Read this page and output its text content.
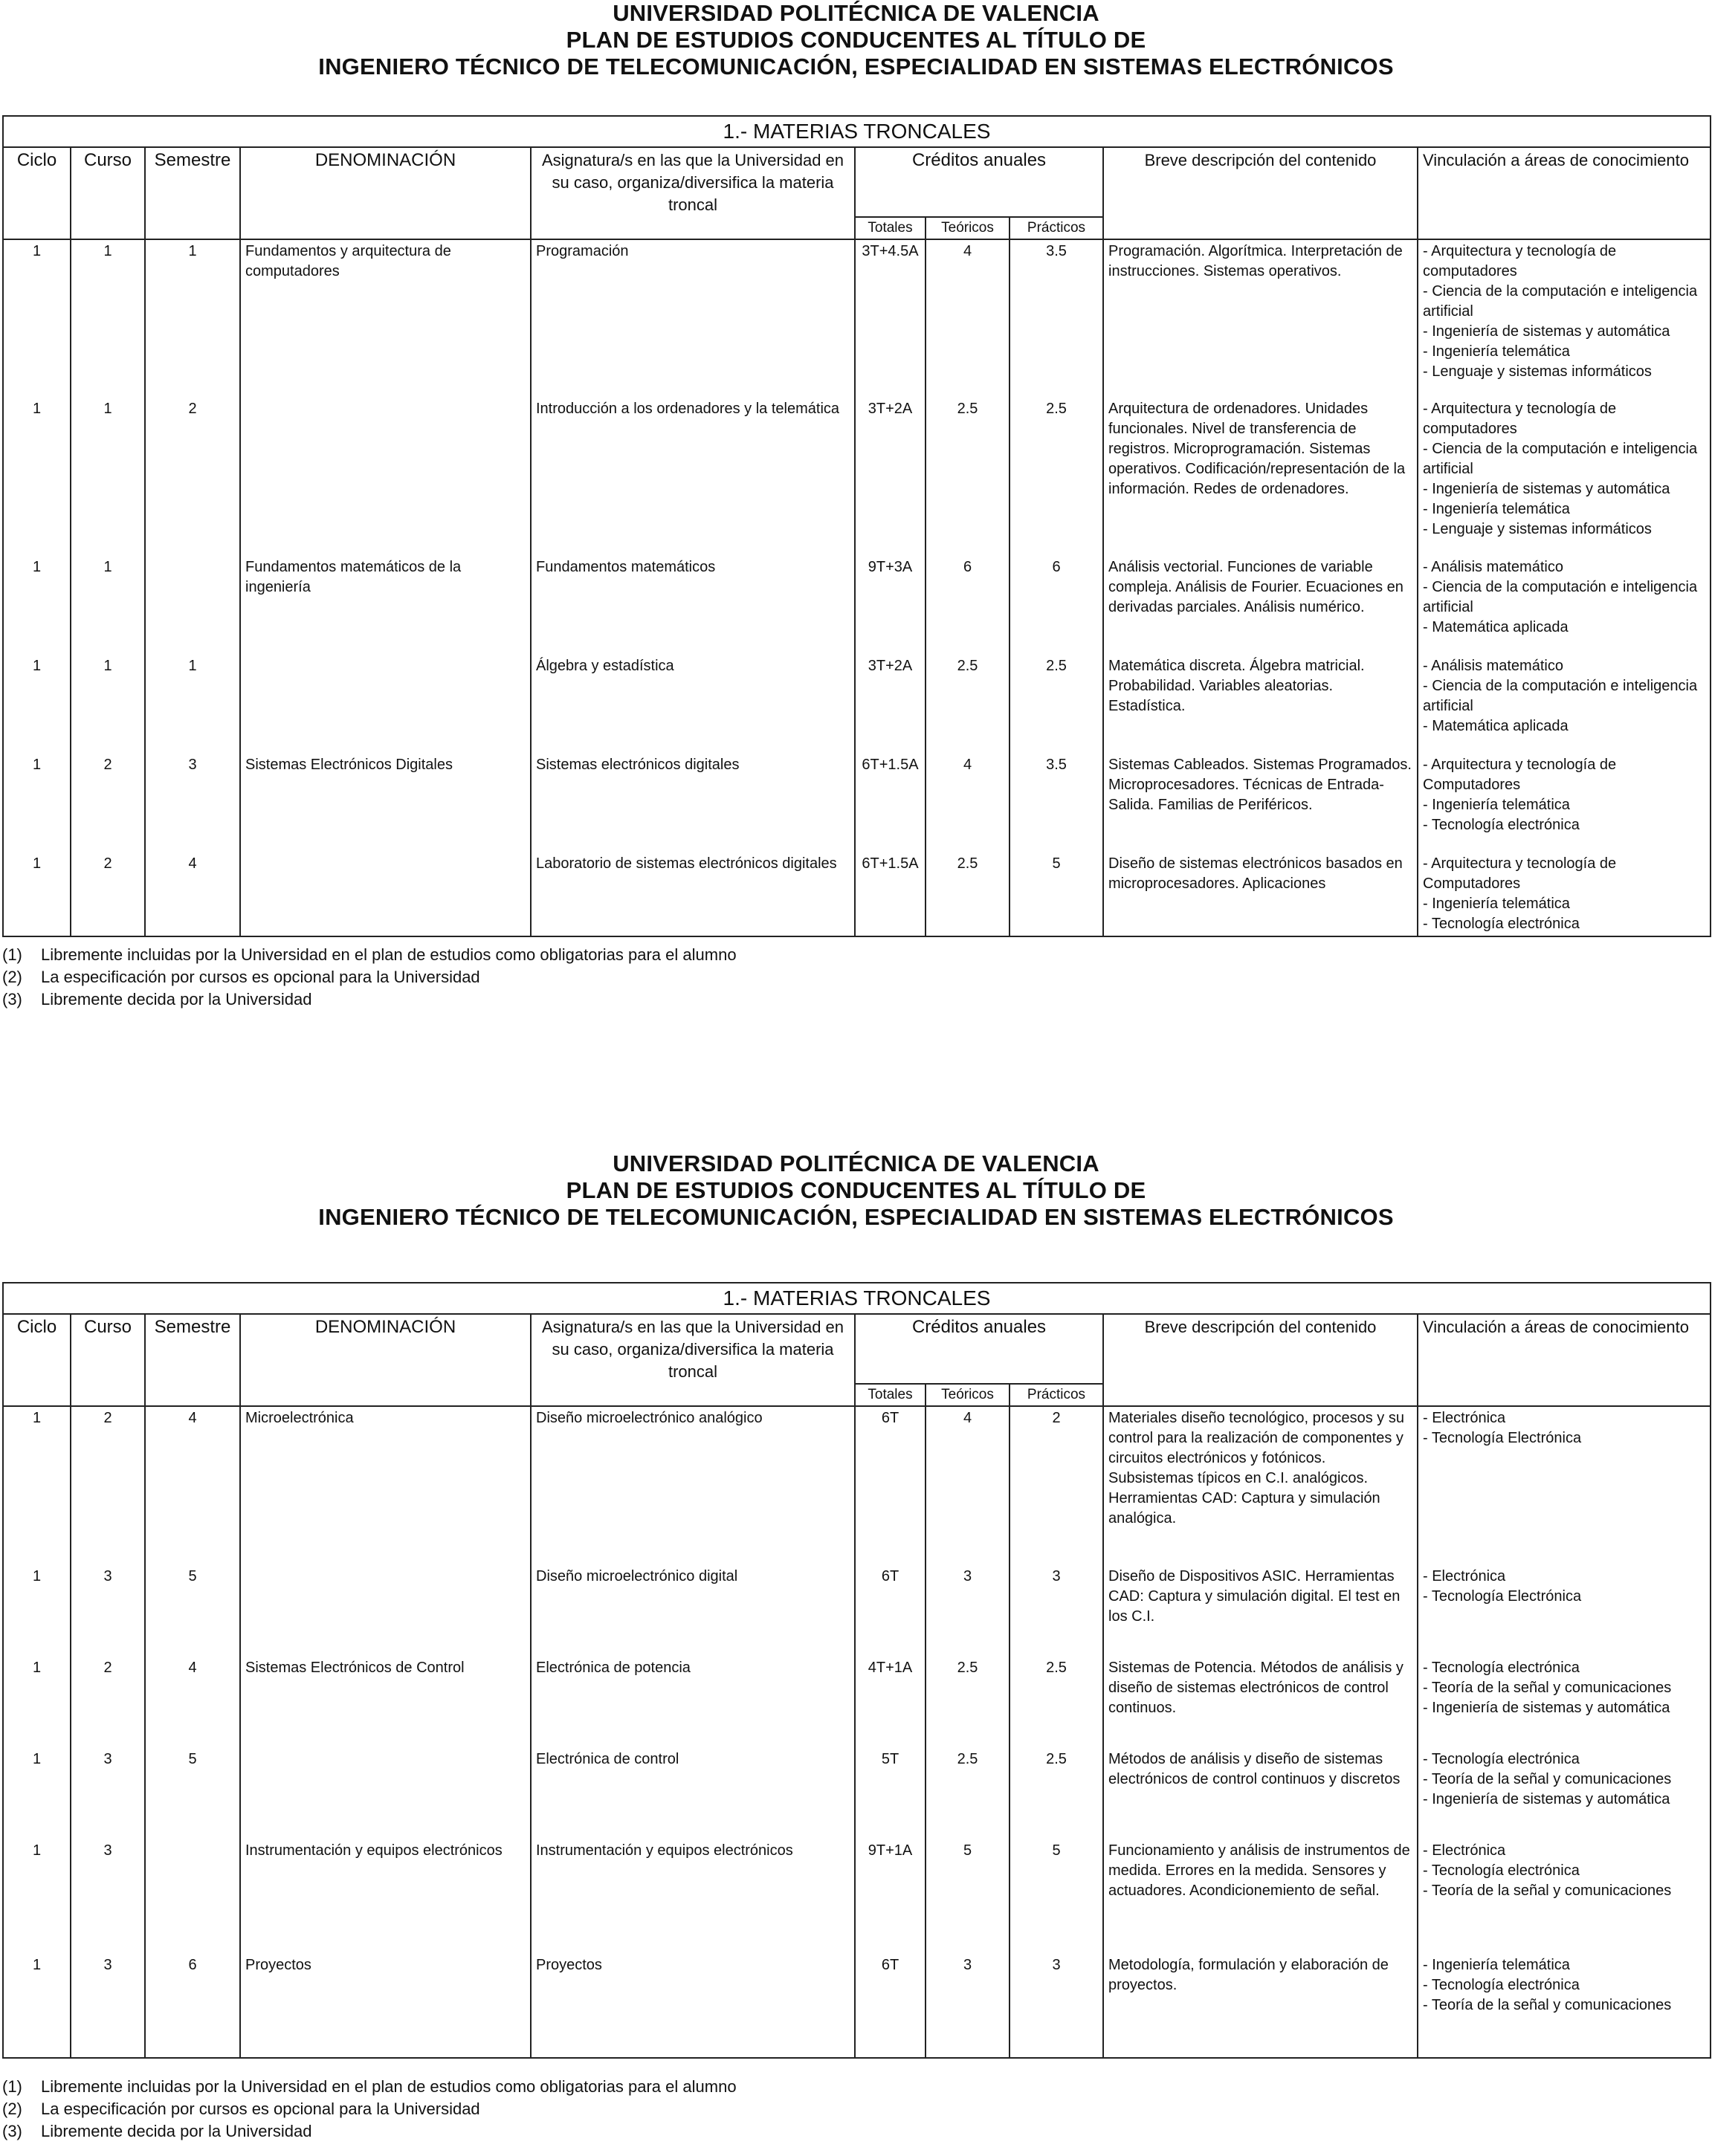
UNIVERSIDAD POLITÉCNICA DE VALENCIA
PLAN DE ESTUDIOS CONDUCENTES AL TÍTULO DE
INGENIERO TÉCNICO DE TELECOMUNICACIÓN, ESPECIALIDAD EN SISTEMAS ELECTRÓNICOS
1.- MATERIAS TRONCALES									
Ciclo	Curso	Semestre	DENOMINACIÓN	Asignatura/s en las que la Universidad en su caso, organiza/diversifica la materia troncal	Créditos anuales			Breve descripción del contenido	Vinculación a áreas de conocimiento
					Totales	Teóricos	Prácticos		
1	1	1	Fundamentos y arquitectura de computadores	Programación	3T+4.5A	4	3.5	Programación. Algorítmica. Interpretación de instrucciones. Sistemas operativos.	- Arquitectura y tecnología de computadores
- Ciencia de la computación e inteligencia artificial
- Ingeniería de sistemas y automática
- Ingeniería telemática
- Lenguaje y sistemas informáticos

1	1	2		Introducción a los ordenadores y la telemática	3T+2A	2.5	2.5	Arquitectura de ordenadores. Unidades funcionales. Nivel de transferencia de registros. Microprogramación. Sistemas operativos. Codificación/representación de la información. Redes de ordenadores.	- Arquitectura y tecnología de computadores
- Ciencia de la computación e inteligencia artificial
- Ingeniería de sistemas y automática
- Ingeniería telemática
- Lenguaje y sistemas informáticos

1	1		Fundamentos matemáticos de la ingeniería	Fundamentos matemáticos	9T+3A	6	6	Análisis vectorial. Funciones de variable compleja. Análisis de Fourier. Ecuaciones en derivadas parciales. Análisis numérico.	- Análisis matemático
- Ciencia de la computación e inteligencia artificial
- Matemática aplicada

1	1	1		Álgebra y estadística	3T+2A	2.5	2.5	Matemática discreta. Álgebra matricial. Probabilidad. Variables aleatorias. Estadística.	- Análisis matemático
- Ciencia de la computación e inteligencia artificial
- Matemática aplicada

1	2	3	Sistemas Electrónicos Digitales	Sistemas electrónicos digitales	6T+1.5A	4	3.5	Sistemas Cableados. Sistemas Programados. Microprocesadores. Técnicas de Entrada-Salida. Familias de Periféricos.	- Arquitectura y tecnología de Computadores
- Ingeniería telemática
- Tecnología electrónica

1	2	4		Laboratorio de sistemas electrónicos digitales	6T+1.5A	2.5	5	Diseño de sistemas electrónicos basados en microprocesadores. Aplicaciones	- Arquitectura y tecnología de Computadores
- Ingeniería telemática
- Tecnología electrónica
(1) Libremente incluidas por la Universidad en el plan de estudios como obligatorias para el alumno
(2) La especificación por cursos es opcional para la Universidad
(3) Libremente decida por la Universidad
UNIVERSIDAD POLITÉCNICA DE VALENCIA
PLAN DE ESTUDIOS CONDUCENTES AL TÍTULO DE
INGENIERO TÉCNICO DE TELECOMUNICACIÓN, ESPECIALIDAD EN SISTEMAS ELECTRÓNICOS
1.- MATERIAS TRONCALES									
Ciclo	Curso	Semestre	DENOMINACIÓN	Asignatura/s en las que la Universidad en su caso, organiza/diversifica la materia troncal	Créditos anuales			Breve descripción del contenido	Vinculación a áreas de conocimiento
					Totales	Teóricos	Prácticos		
1	2	4	Microelectrónica	Diseño microelectrónico analógico	6T	4	2	Materiales diseño tecnológico, procesos y su control para la realización de componentes y circuitos electrónicos y fotónicos. Subsistemas típicos en C.I. analógicos. Herramientas CAD: Captura y simulación analógica.	- Electrónica
- Tecnología Electrónica

1	3	5		Diseño microelectrónico digital	6T	3	3	Diseño de Dispositivos ASIC. Herramientas CAD: Captura y simulación digital. El test en los C.I.	- Electrónica
- Tecnología Electrónica

1	2	4	Sistemas Electrónicos de Control	Electrónica de potencia	4T+1A	2.5	2.5	Sistemas de Potencia. Métodos de análisis y diseño de sistemas electrónicos de control continuos.	- Tecnología electrónica
- Teoría de la señal y comunicaciones
- Ingeniería de sistemas y automática

1	3	5		Electrónica de control	5T	2.5	2.5	Métodos de análisis y diseño de sistemas electrónicos de control continuos y discretos	- Tecnología electrónica
- Teoría de la señal y comunicaciones
- Ingeniería de sistemas y automática

1	3		Instrumentación y equipos electrónicos	Instrumentación y equipos electrónicos	9T+1A	5	5	Funcionamiento y análisis de instrumentos de medida. Errores en la medida. Sensores y actuadores. Acondicionemiento de señal.	- Electrónica
- Tecnología electrónica
- Teoría de la señal y comunicaciones

1	3	6	Proyectos	Proyectos	6T	3	3	Metodología, formulación y elaboración de proyectos.	- Ingeniería telemática
- Tecnología electrónica
- Teoría de la señal y comunicaciones
(1) Libremente incluidas por la Universidad en el plan de estudios como obligatorias para el alumno
(2) La especificación por cursos es opcional para la Universidad
(3) Libremente decida por la Universidad
